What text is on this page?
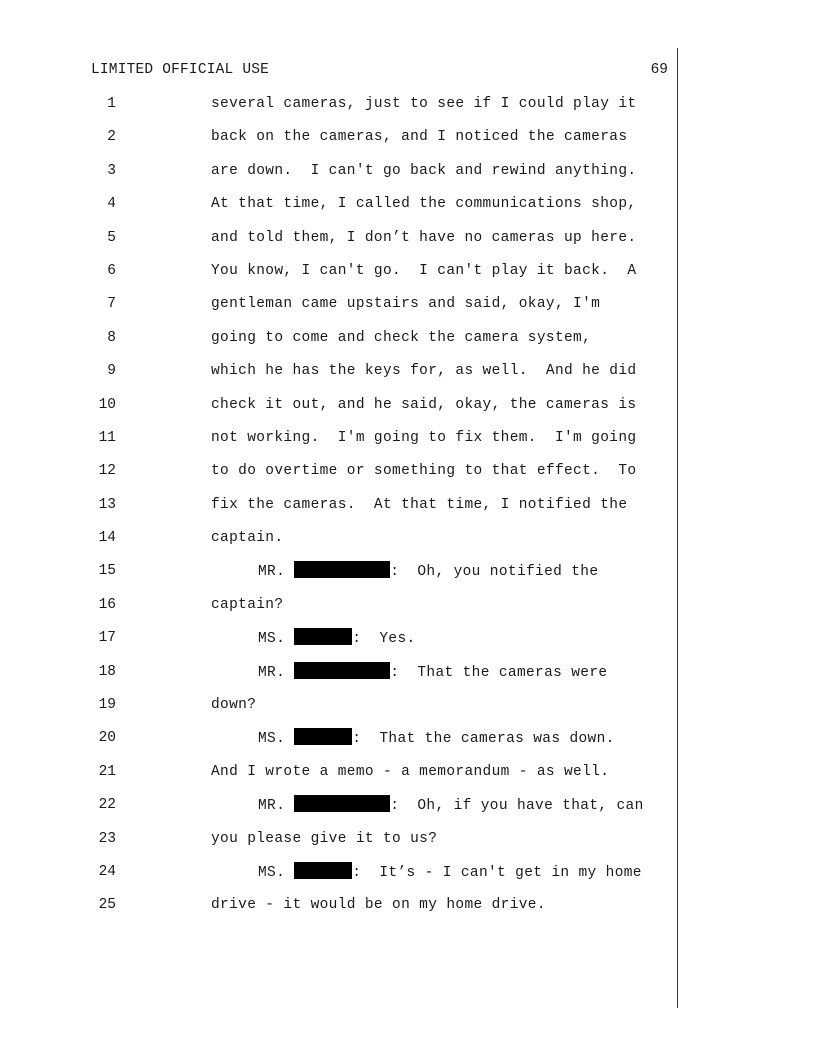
LIMITED OFFICIAL USE	69
1	several cameras, just to see if I could play it
2	back on the cameras, and I noticed the cameras
3	are down.  I can't go back and rewind anything.
4	At that time, I called the communications shop,
5	and told them, I don’t have no cameras up here.
6	You know, I can't go.  I can't play it back.  A
7	gentleman came upstairs and said, okay, I'm
8	going to come and check the camera system,
9	which he has the keys for, as well.  And he did
10	check it out, and he said, okay, the cameras is
11	not working.  I'm going to fix them.  I'm going
12	to do overtime or something to that effect.  To
13	fix the cameras.  At that time, I notified the
14	captain.
15	MR.	:  Oh, you notified the
16	captain?
17	MS.	:  Yes.
18	MR.	:  That the cameras were
19	down?
20	MS.	:  That the cameras was down.
21	And I wrote a memo - a memorandum - as well.
22	MR.	:  Oh, if you have that, can
23	you please give it to us?
24	MS.	:  It’s - I can't get in my home
25	drive - it would be on my home drive.
